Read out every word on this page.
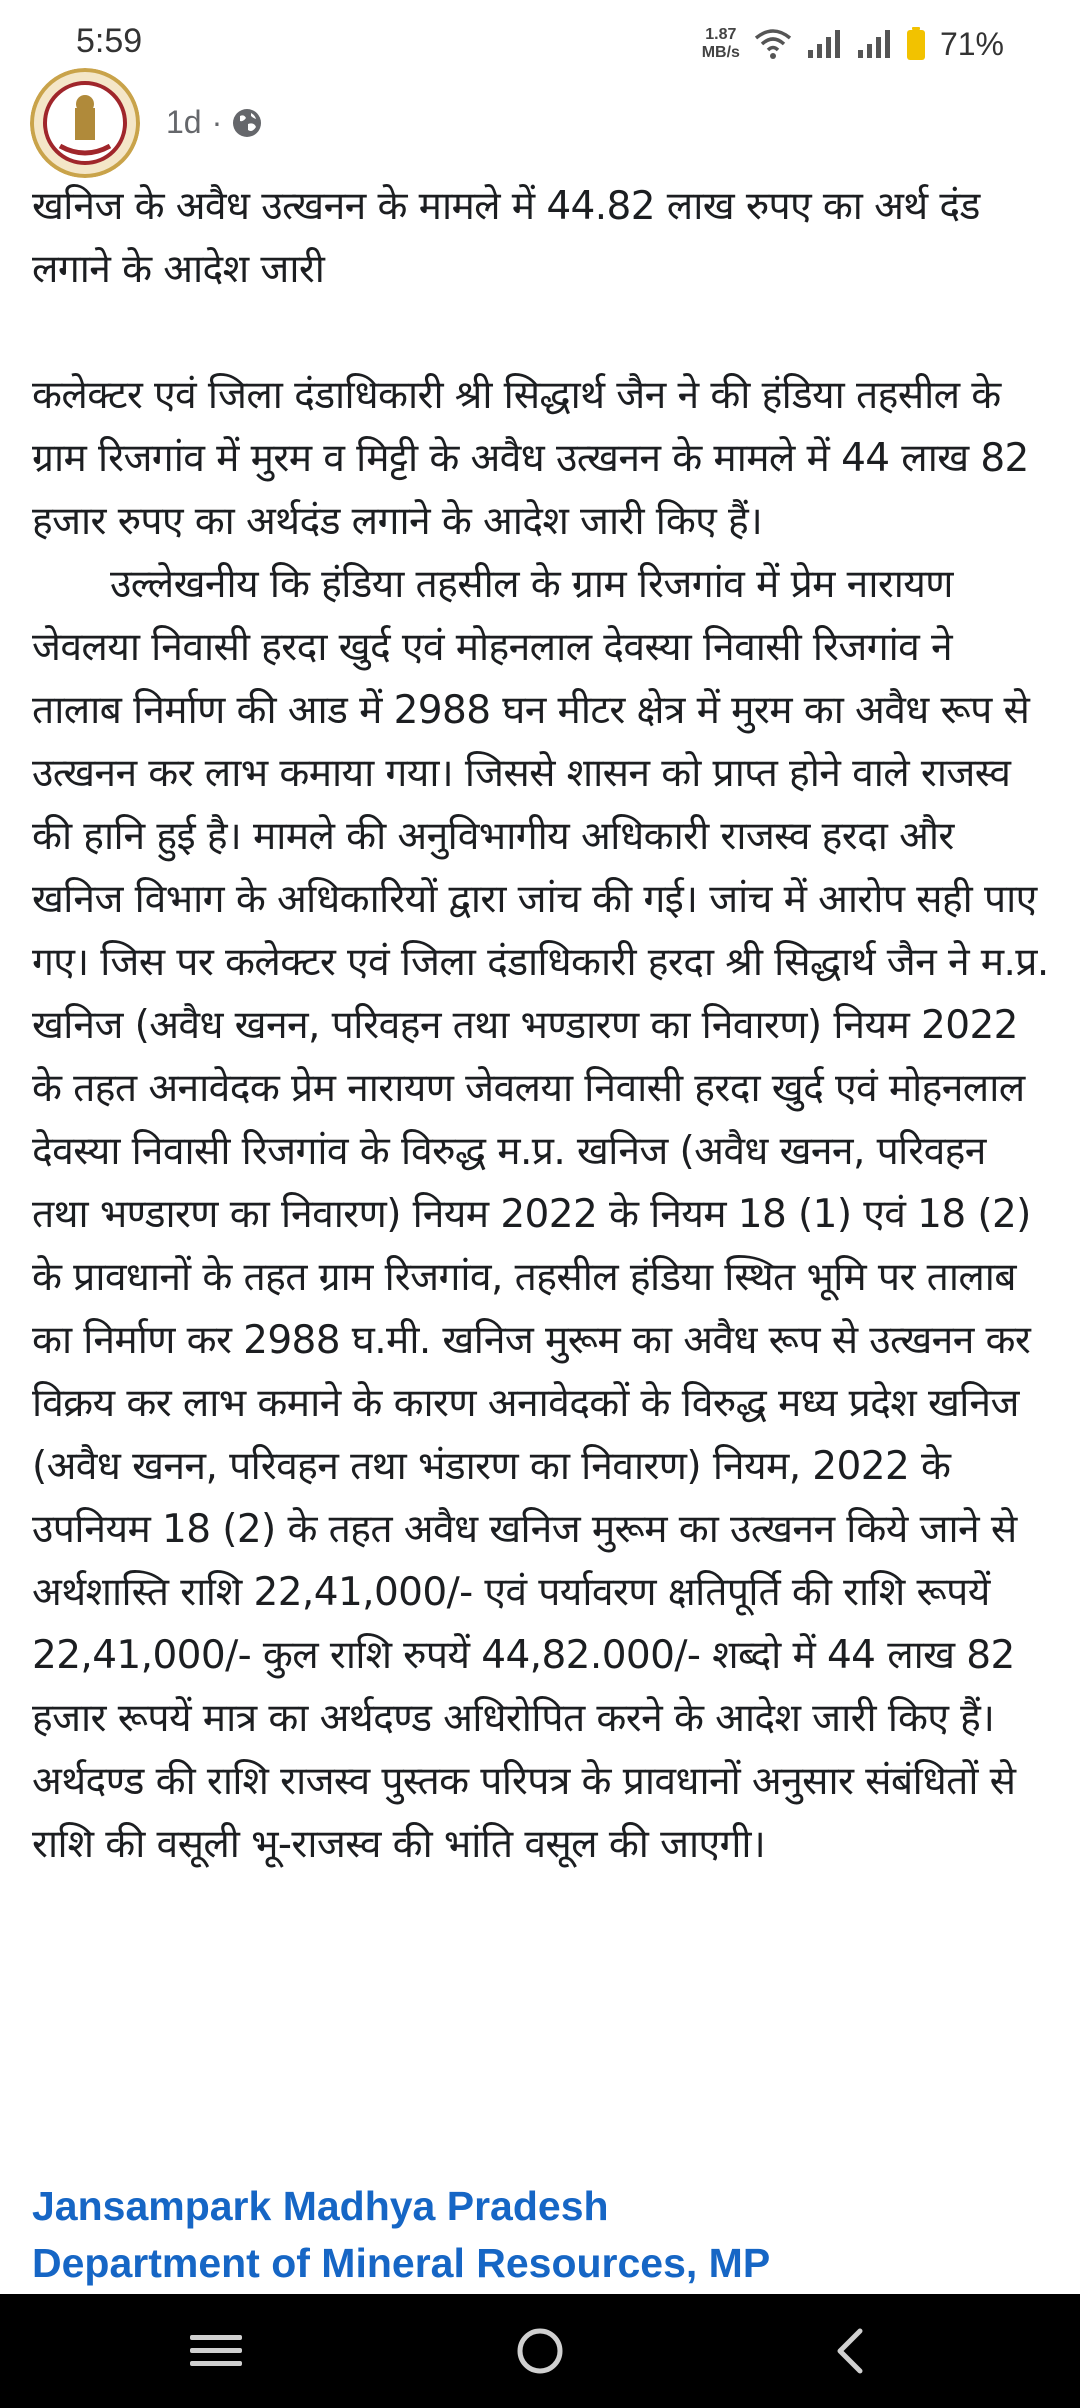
5:59	1.87
MB/s	71%
1d ·

खनिज के अवैध उत्खनन के मामले में 44.82 लाख रुपए का अर्थ दंड लगाने के आदेश जारी

कलेक्टर एवं जिला दंडाधिकारी श्री सिद्धार्थ जैन ने की हंडिया तहसील के ग्राम रिजगांव में मुरम व मिट्टी के अवैध उत्खनन के मामले में 44 लाख 82 हजार रुपए का अर्थदंड लगाने के आदेश जारी किए हैं।

उल्लेखनीय कि हंडिया तहसील के ग्राम रिजगांव में प्रेम नारायण जेवलया निवासी हरदा खुर्द एवं मोहनलाल देवस्या निवासी रिजगांव ने तालाब निर्माण की आड में 2988 घन मीटर क्षेत्र में मुरम का अवैध रूप से उत्खनन कर लाभ कमाया गया। जिससे शासन को प्राप्त होने वाले राजस्व की हानि हुई है। मामले की अनुविभागीय अधिकारी राजस्व हरदा और खनिज विभाग के अधिकारियों द्वारा जांच की गई। जांच में आरोप सही पाए गए। जिस पर कलेक्टर एवं जिला दंडाधिकारी हरदा श्री सिद्धार्थ जैन ने म.प्र. खनिज (अवैध खनन, परिवहन तथा भण्डारण का निवारण) नियम 2022 के तहत अनावेदक प्रेम नारायण जेवलया निवासी हरदा खुर्द एवं मोहनलाल देवस्या निवासी रिजगांव के विरुद्ध म.प्र. खनिज (अवैध खनन, परिवहन तथा भण्डारण का निवारण) नियम 2022 के नियम 18 (1) एवं 18 (2) के प्रावधानों के तहत ग्राम रिजगांव, तहसील हंडिया स्थित भूमि पर तालाब का निर्माण कर 2988 घ.मी. खनिज मुरूम का अवैध रूप से उत्खनन कर विक्रय कर लाभ कमाने के कारण अनावेदकों के विरुद्ध मध्य प्रदेश खनिज (अवैध खनन, परिवहन तथा भंडारण का निवारण) नियम, 2022 के उपनियम 18 (2) के तहत अवैध खनिज मुरूम का उत्खनन किये जाने से अर्थशास्ति राशि 22,41,000/- एवं पर्यावरण क्षतिपूर्ति की राशि रूपयें 22,41,000/- कुल राशि रुपयें 44,82.000/- शब्दो में 44 लाख 82 हजार रूपयें मात्र का अर्थदण्ड अधिरोपित करने के आदेश जारी किए हैं। अर्थदण्ड की राशि राजस्व पुस्तक परिपत्र के प्रावधानों अनुसार संबंधितों से राशि की वसूली भू-राजस्व की भांति वसूल की जाएगी।

Jansampark Madhya Pradesh
Department of Mineral Resources, MP
